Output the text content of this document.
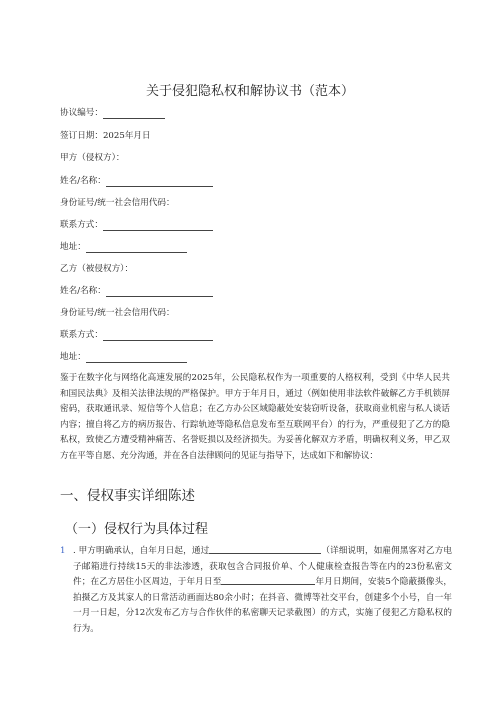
关于侵犯隐私权和解协议书（范本）
协议编号：
签订日期：2025年月日
甲方（侵权方）：
姓名/名称：
身份证号/统一社会信用代码：
联系方式：
地址：
乙方（被侵权方）：
姓名/名称：
身份证号/统一社会信用代码：
联系方式：
地址：
鉴于在数字化与网络化高速发展的2025年，公民隐私权作为一项重要的人格权利，受到《中华人民共和国民法典》及相关法律法规的严格保护。甲方于年月日，通过（例如使用非法软件破解乙方手机锁屏密码，获取通讯录、短信等个人信息；在乙方办公区域隐蔽处安装窃听设备，获取商业机密与私人谈话内容；擅自将乙方的病历报告、行踪轨迹等隐私信息发布至互联网平台）的行为，严重侵犯了乙方的隐私权，致使乙方遭受精神痛苦、名誉贬损以及经济损失。为妥善化解双方矛盾，明确权利义务，甲乙双方在平等自愿、充分沟通，并在各自法律顾问的见证与指导下，达成如下和解协议：
一、侵权事实详细陈述
（一）侵权行为具体过程
1 . 甲方明确承认，自年月日起，通过	（详细说明，如雇佣黑客对乙方电子邮箱进行持续15天的非法渗透，获取包含合同报价单、个人健康检查报告等在内的23份私密文件；在乙方居住小区周边，于年月日至	年月日期间，安装5个隐蔽摄像头，拍摄乙方及其家人的日常活动画面达80余小时；在抖音、微博等社交平台，创建多个小号，自一年一月一日起，分12次发布乙方与合作伙伴的私密聊天记录截图）的方式，实施了侵犯乙方隐私权的行为。
